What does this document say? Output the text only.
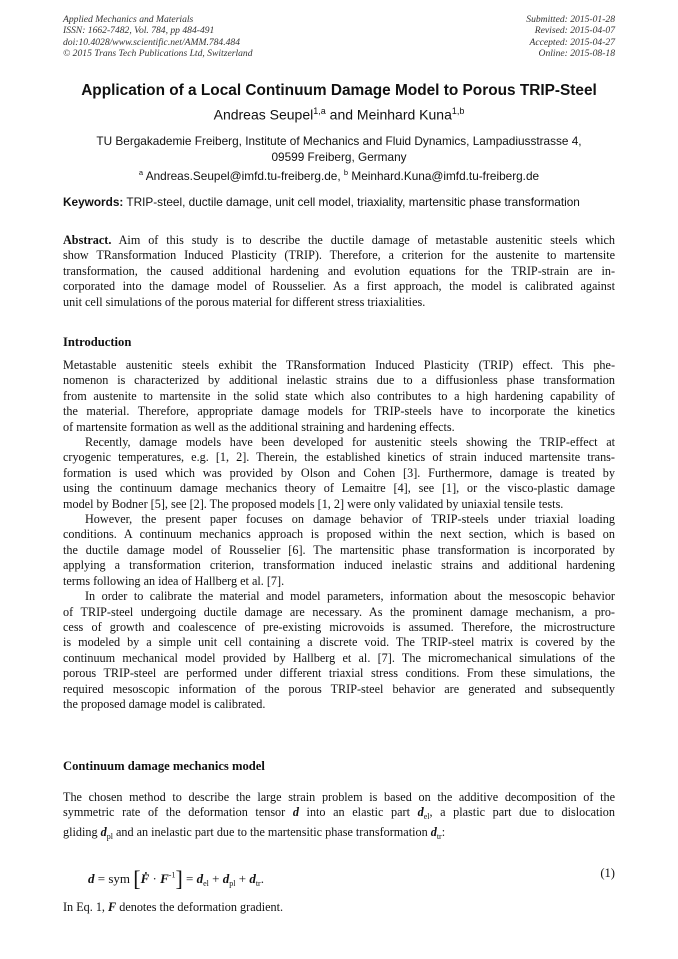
Applied Mechanics and Materials
ISSN: 1662-7482, Vol. 784, pp 484-491
doi:10.4028/www.scientific.net/AMM.784.484
© 2015 Trans Tech Publications Ltd, Switzerland
Submitted: 2015-01-28
Revised: 2015-04-07
Accepted: 2015-04-27
Online: 2015-08-18
Application of a Local Continuum Damage Model to Porous TRIP-Steel
Andreas Seupel$^{1,a}$ and Meinhard Kuna$^{1,b}$
TU Bergakademie Freiberg, Institute of Mechanics and Fluid Dynamics, Lampadiusstrasse 4,
09599 Freiberg, Germany
$^a$ Andreas.Seupel@imfd.tu-freiberg.de, $^b$ Meinhard.Kuna@imfd.tu-freiberg.de
Keywords: TRIP-steel, ductile damage, unit cell model, triaxiality, martensitic phase transformation
Abstract. Aim of this study is to describe the ductile damage of metastable austenitic steels which
show TRansformation Induced Plasticity (TRIP). Therefore, a criterion for the austenite to martensite
transformation, the caused additional hardening and evolution equations for the TRIP-strain are in-
corporated into the damage model of Rousselier. As a first approach, the model is calibrated against
unit cell simulations of the porous material for different stress triaxialities.
Introduction
Metastable austenitic steels exhibit the TRansformation Induced Plasticity (TRIP) effect. This phe-
nomenon is characterized by additional inelastic strains due to a diffusionless phase transformation
from austenite to martensite in the solid state which also contributes to a high hardening capability of
the material. Therefore, appropriate damage models for TRIP-steels have to incorporate the kinetics
of martensite formation as well as the additional straining and hardening effects.
Recently, damage models have been developed for austenitic steels showing the TRIP-effect at
cryogenic temperatures, e.g. [1, 2]. Therein, the established kinetics of strain induced martensite trans-
formation is used which was provided by Olson and Cohen [3]. Furthermore, damage is treated by
using the continuum damage mechanics theory of Lemaitre [4], see [1], or the visco-plastic damage
model by Bodner [5], see [2]. The proposed models [1, 2] were only validated by uniaxial tensile tests.
However, the present paper focuses on damage behavior of TRIP-steels under triaxial loading
conditions. A continuum mechanics approach is proposed within the next section, which is based on
the ductile damage model of Rousselier [6]. The martensitic phase transformation is incorporated by
applying a transformation criterion, transformation induced inelastic strains and additional hardening
terms following an idea of Hallberg et al. [7].
In order to calibrate the material and model parameters, information about the mesoscopic behavior
of TRIP-steel undergoing ductile damage are necessary. As the prominent damage mechanism, a pro-
cess of growth and coalescence of pre-existing microvoids is assumed. Therefore, the microstructure
is modeled by a simple unit cell containing a discrete void. The TRIP-steel matrix is covered by the
continuum mechanical model provided by Hallberg et al. [7]. The micromechanical simulations of the
porous TRIP-steel are performed under different triaxial stress conditions. From these simulations, the
required mesoscopic information of the porous TRIP-steel behavior are generated and subsequently
the proposed damage model is calibrated.
Continuum damage mechanics model
The chosen method to describe the large strain problem is based on the additive decomposition of the
symmetric rate of the deformation tensor d into an elastic part $d_{el}$, a plastic part due to dislocation
gliding $d_{pl}$ and an inelastic part due to the martensitic phase transformation $d_{tr}$:
d = sym [Ḟ · $F^{-1}] = d_{el} + d_{pl} + d_{tr}$.	(1)
In Eq. 1, F denotes the deformation gradient.
